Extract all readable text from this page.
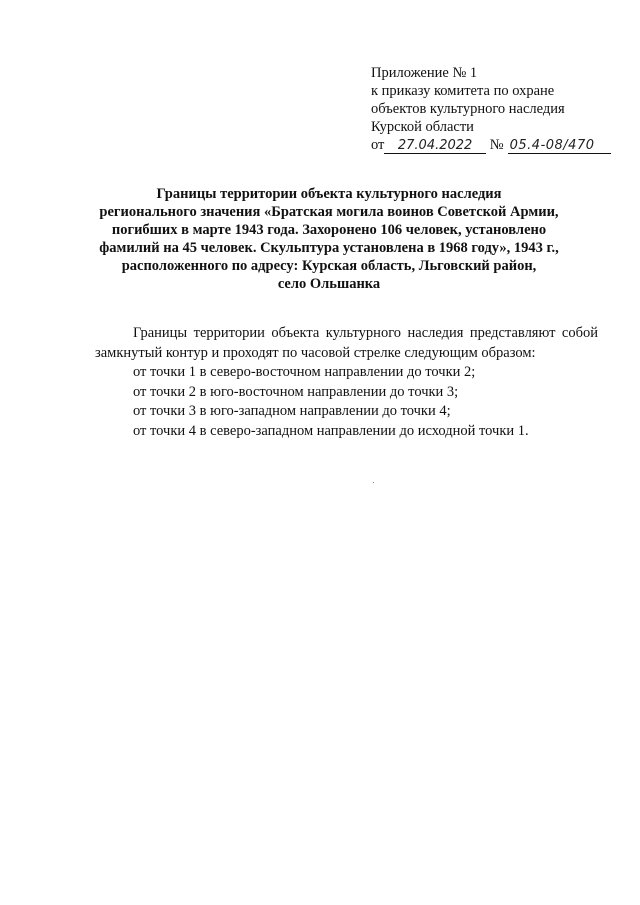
Приложение № 1
к приказу комитета по охране
объектов культурного наследия
Курской области
от	27.04.2022	№ 05.4-08/470
Границы территории объекта культурного наследия
регионального значения «Братская могила воинов Советской Армии,
погибших в марте 1943 года. Захоронено 106 человек, установлено
фамилий на 45 человек. Скульптура установлена в 1968 году», 1943 г.,
расположенного по адресу: Курская область, Льговский район,
село Ольшанка

Границы территории объекта культурного наследия представляют собой замкнутый контур и проходят по часовой стрелке следующим образом:

от точки 1 в северо-восточном направлении до точки 2;
от точки 2 в юго-восточном направлении до точки 3;
от точки 3 в юго-западном направлении до точки 4;
от точки 4 в северо-западном направлении до исходной точки 1.
